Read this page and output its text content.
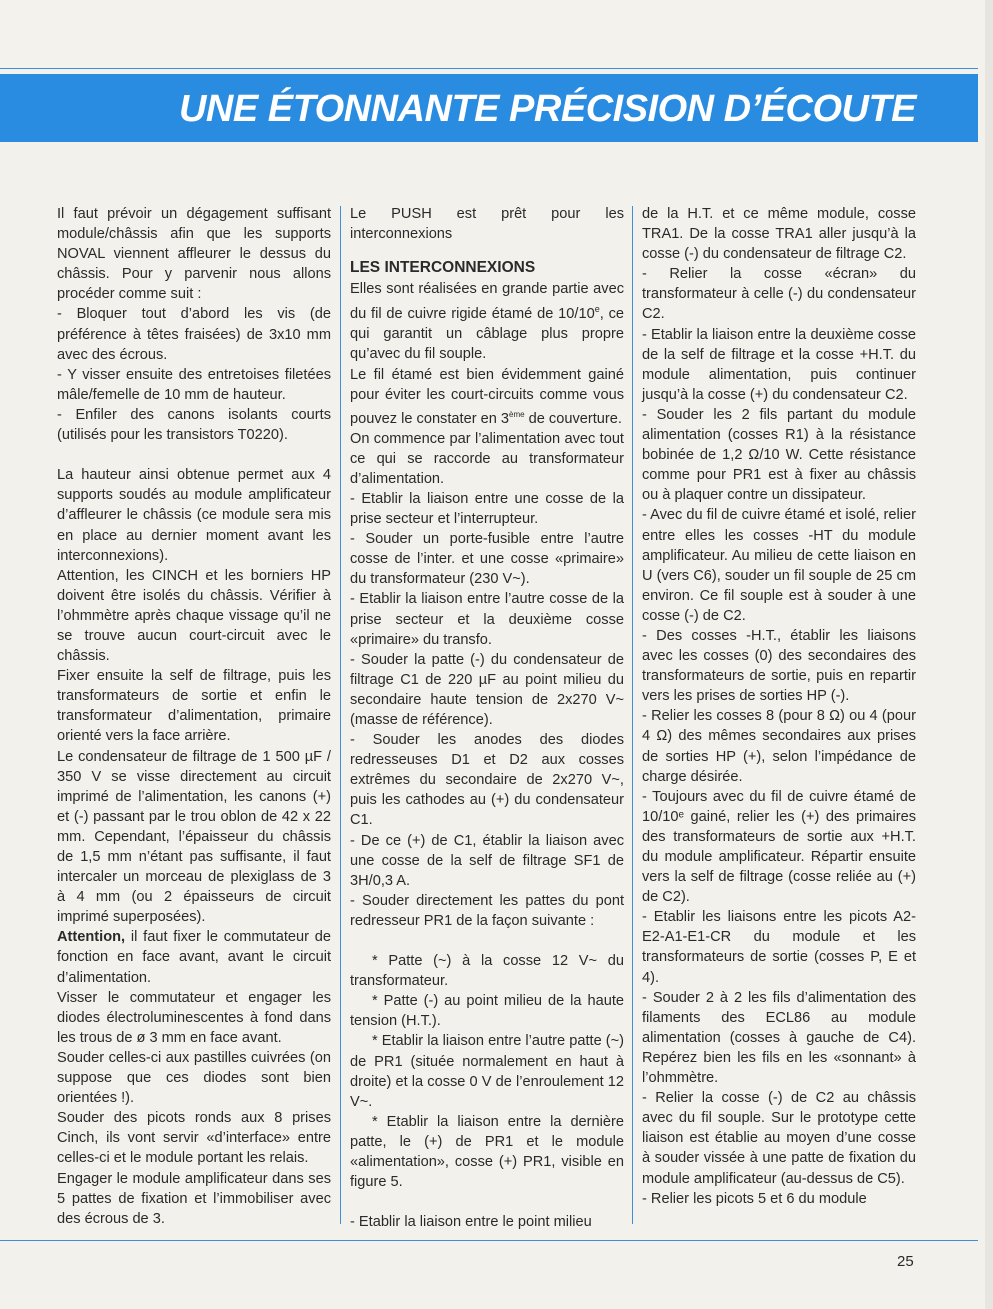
UNE ÉTONNANTE PRÉCISION D’ÉCOUTE

Il faut prévoir un dégagement suffisant module/châssis afin que les supports NOVAL viennent affleurer le dessus du châssis. Pour y parvenir nous allons procéder comme suit :

- Bloquer tout d’abord les vis (de préférence à têtes fraisées) de 3x10 mm avec des écrous.

- Y visser ensuite des entretoises filetées mâle/femelle de 10 mm de hauteur.

- Enfiler des canons isolants courts (utilisés pour les transistors T0220).

La hauteur ainsi obtenue permet aux 4 supports soudés au module amplificateur d’affleurer le châssis (ce module sera mis en place au dernier moment avant les interconnexions).

Attention, les CINCH et les borniers HP doivent être isolés du châssis. Vérifier à l’ohmmètre après chaque vissage qu’il ne se trouve aucun court-circuit avec le châssis.

Fixer ensuite la self de filtrage, puis les transformateurs de sortie et enfin le transformateur d’alimentation, primaire orienté vers la face arrière.

Le condensateur de filtrage de 1 500 µF / 350 V se visse directement au circuit imprimé de l’alimentation, les canons (+) et (-) passant par le trou oblon de 42 x 22 mm. Cependant, l’épaisseur du châssis de 1,5 mm n’étant pas suffisante, il faut intercaler un morceau de plexiglass de 3 à 4 mm (ou 2 épaisseurs de circuit imprimé superposées).

Attention, il faut fixer le commutateur de fonction en face avant, avant le circuit d’alimentation.

Visser le commutateur et engager les diodes électroluminescentes à fond dans les trous de ø 3 mm en face avant.

Souder celles-ci aux pastilles cuivrées (on suppose que ces diodes sont bien orientées !).

Souder des picots ronds aux 8 prises Cinch, ils vont servir «d’interface» entre celles-ci et le module portant les relais.

Engager le module amplificateur dans ses 5 pattes de fixation et l’immobiliser avec des écrous de 3.

Le PUSH est prêt pour les interconnexions

LES INTERCONNEXIONS

Elles sont réalisées en grande partie avec du fil de cuivre rigide étamé de 10/10e, ce qui garantit un câblage plus propre qu’avec du fil souple.

Le fil étamé est bien évidemment gainé pour éviter les court-circuits comme vous pouvez le constater en 3ème de couverture.

On commence par l’alimentation avec tout ce qui se raccorde au transformateur d’alimentation.

- Etablir la liaison entre une cosse de la prise secteur et l’interrupteur.

- Souder un porte-fusible entre l’autre cosse de l’inter. et une cosse «primaire» du transformateur (230 V~).

- Etablir la liaison entre l’autre cosse de la prise secteur et la deuxième cosse «primaire» du transfo.

- Souder la patte (-) du condensateur de filtrage C1 de 220 µF au point milieu du secondaire haute tension de 2x270 V~ (masse de référence).

- Souder les anodes des diodes redresseuses D1 et D2 aux cosses extrêmes du secondaire de 2x270 V~, puis les cathodes au (+) du condensateur C1.

- De ce (+) de C1, établir la liaison avec une cosse de la self de filtrage SF1 de 3H/0,3 A.

- Souder directement les pattes du pont redresseur PR1 de la façon suivante :

* Patte (~) à la cosse 12 V~ du transformateur.

* Patte (-) au point milieu de la haute tension (H.T.).

* Etablir la liaison entre l’autre patte (~) de PR1 (située normalement en haut à droite) et la cosse 0 V de l’enroulement 12 V~.

* Etablir la liaison entre la dernière patte, le (+) de PR1 et le module «alimentation», cosse (+) PR1, visible en figure 5.

- Etablir la liaison entre le point milieu

de la H.T. et ce même module, cosse TRA1. De la cosse TRA1 aller jusqu’à la cosse (-) du condensateur de filtrage C2.

- Relier la cosse «écran» du transformateur à celle (-) du condensateur C2.

- Etablir la liaison entre la deuxième cosse de la self de filtrage et la cosse +H.T. du module alimentation, puis continuer jusqu’à la cosse (+) du condensateur C2.

- Souder les 2 fils partant du module alimentation (cosses R1) à la résistance bobinée de 1,2 Ω/10 W. Cette résistance comme pour PR1 est à fixer au châssis ou à plaquer contre un dissipateur.

- Avec du fil de cuivre étamé et isolé, relier entre elles les cosses -HT du module amplificateur. Au milieu de cette liaison en U (vers C6), souder un fil souple de 25 cm environ. Ce fil souple est à souder à une cosse (-) de C2.

- Des cosses -H.T., établir les liaisons avec les cosses (0) des secondaires des transformateurs de sortie, puis en repartir vers les prises de sorties HP (-).

- Relier les cosses 8 (pour 8 Ω) ou 4 (pour 4 Ω) des mêmes secondaires aux prises de sorties HP (+), selon l’impédance de charge désirée.

- Toujours avec du fil de cuivre étamé de 10/10ᵉ gainé, relier les (+) des primaires des transformateurs de sortie aux +H.T. du module amplificateur. Répartir ensuite vers la self de filtrage (cosse reliée au (+) de C2).

- Etablir les liaisons entre les picots A2-E2-A1-E1-CR du module et les transformateurs de sortie (cosses P, E et 4).

- Souder 2 à 2 les fils d’alimentation des filaments des ECL86 au module alimentation (cosses à gauche de C4). Repérez bien les fils en les «sonnant» à l’ohmmètre.

- Relier la cosse (-) de C2 au châssis avec du fil souple. Sur le prototype cette liaison est établie au moyen d’une cosse à souder vissée à une patte de fixation du module amplificateur (au-dessus de C5).

- Relier les picots 5 et 6 du module

25
